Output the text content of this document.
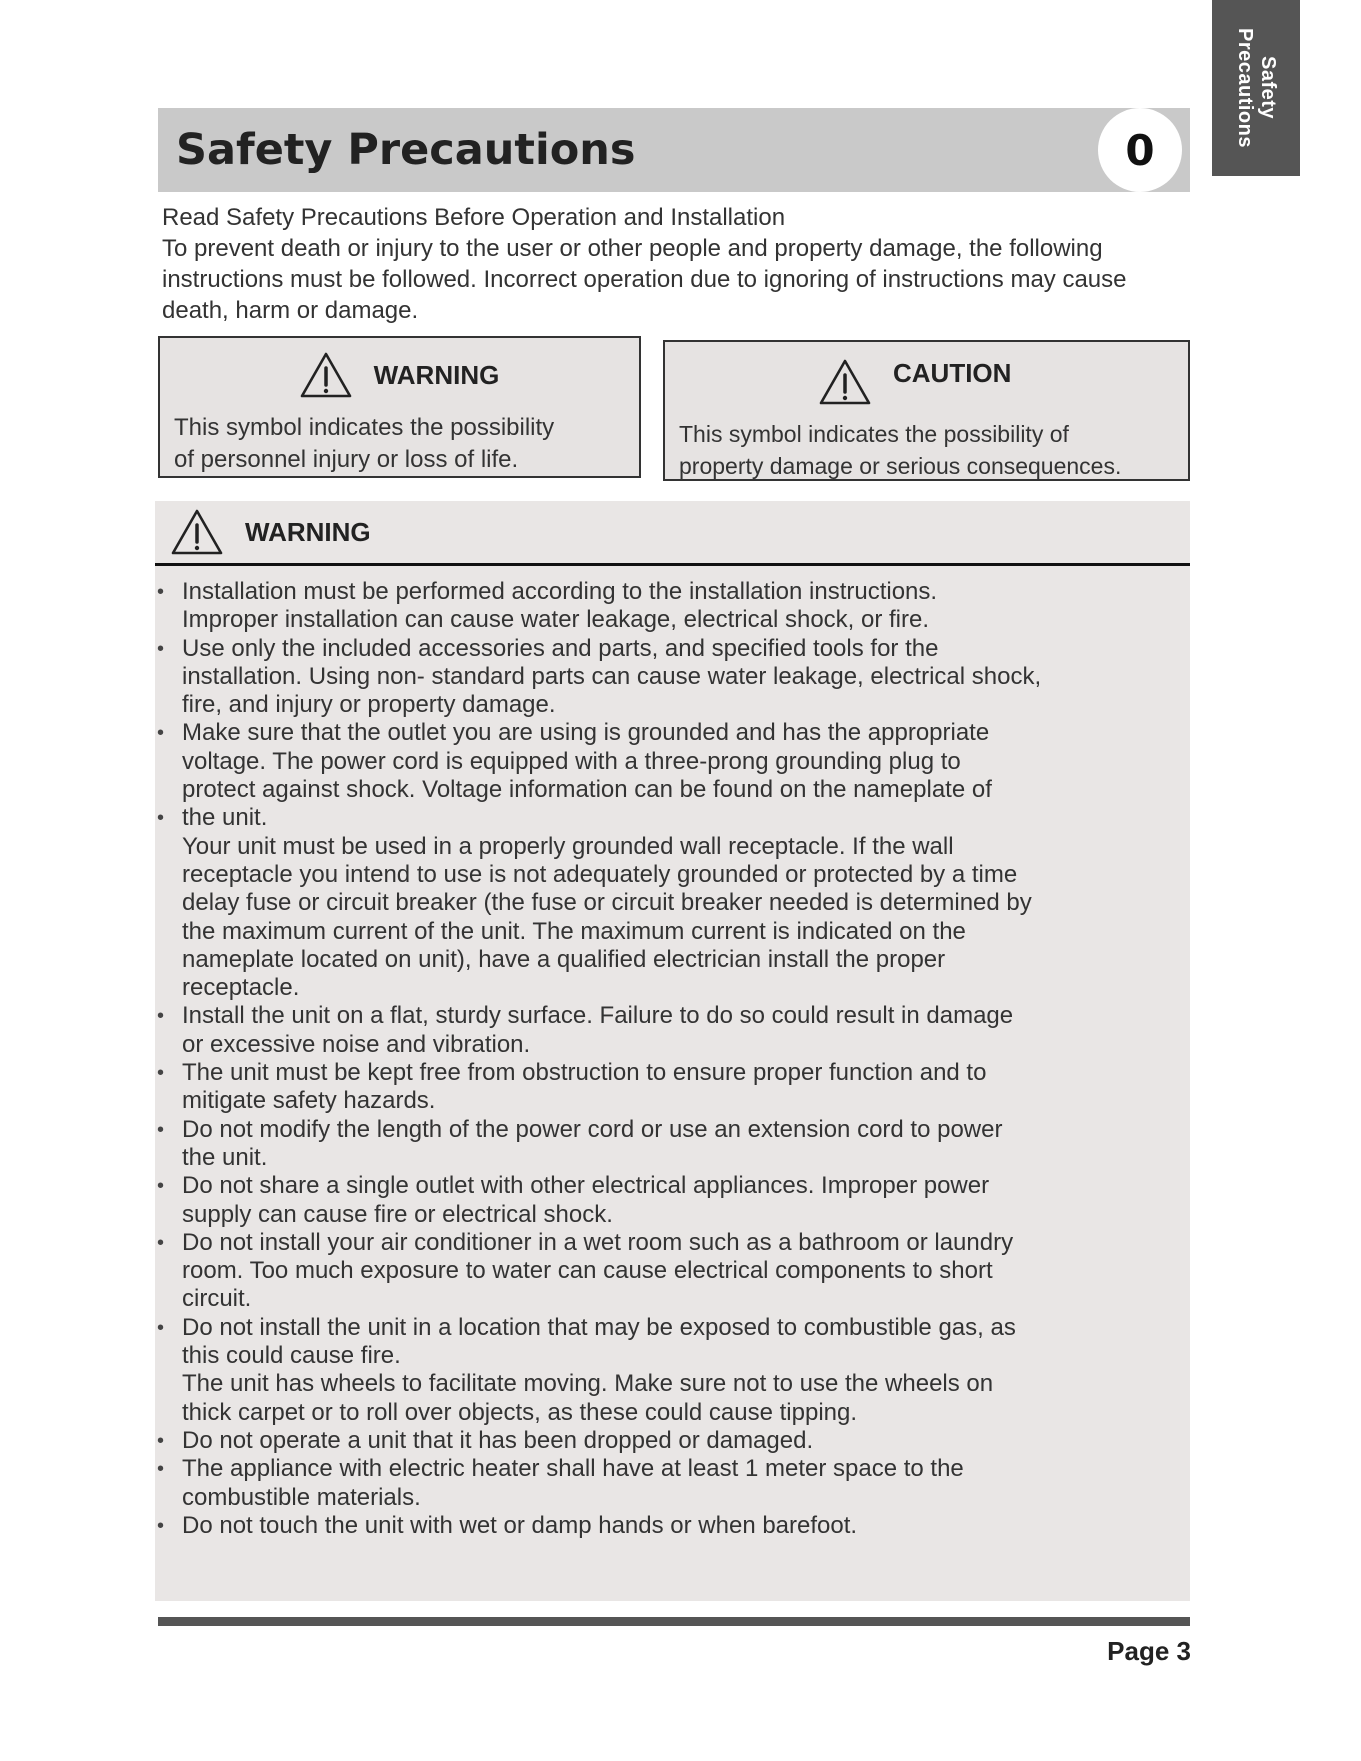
Safety
Precautions
Safety Precautions	0

Read Safety Precautions Before Operation and Installation

To prevent death or injury to the user or other people and property damage, the following instructions must be followed. Incorrect operation due to ignoring of instructions may cause death, harm or damage.

WARNING

This symbol indicates the possibility

of personnel injury or loss of life.

CAUTION

This symbol indicates the possibility of

property damage or serious consequences.

WARNING
• Installation must be performed according to the installation instructions.
Improper installation can cause water leakage, electrical shock, or fire.
• Use only the included accessories and parts, and specified tools for the
installation. Using non- standard parts can cause water leakage, electrical shock,
fire, and injury or property damage.
• Make sure that the outlet you are using is grounded and has the appropriate
voltage. The power cord is equipped with a three-prong grounding plug to
protect against shock. Voltage information can be found on the nameplate of
• the unit.
Your unit must be used in a properly grounded wall receptacle. If the wall
receptacle you intend to use is not adequately grounded or protected by a time
delay fuse or circuit breaker (the fuse or circuit breaker needed is determined by
the maximum current of the unit. The maximum current is indicated on the
nameplate located on unit), have a qualified electrician install the proper
receptacle.
• Install the unit on a flat, sturdy surface. Failure to do so could result in damage
or excessive noise and vibration.
• The unit must be kept free from obstruction to ensure proper function and to
mitigate safety hazards.
• Do not modify the length of the power cord or use an extension cord to power
the unit.
• Do not share a single outlet with other electrical appliances. Improper power
supply can cause fire or electrical shock.
• Do not install your air conditioner in a wet room such as a bathroom or laundry
room. Too much exposure to water can cause electrical components to short
circuit.
• Do not install the unit in a location that may be exposed to combustible gas, as
this could cause fire.
The unit has wheels to facilitate moving. Make sure not to use the wheels on
thick carpet or to roll over objects, as these could cause tipping.
• Do not operate a unit that it has been dropped or damaged.
• The appliance with electric heater shall have at least 1 meter space to the
combustible materials.
• Do not touch the unit with wet or damp hands or when barefoot.
Page 3
